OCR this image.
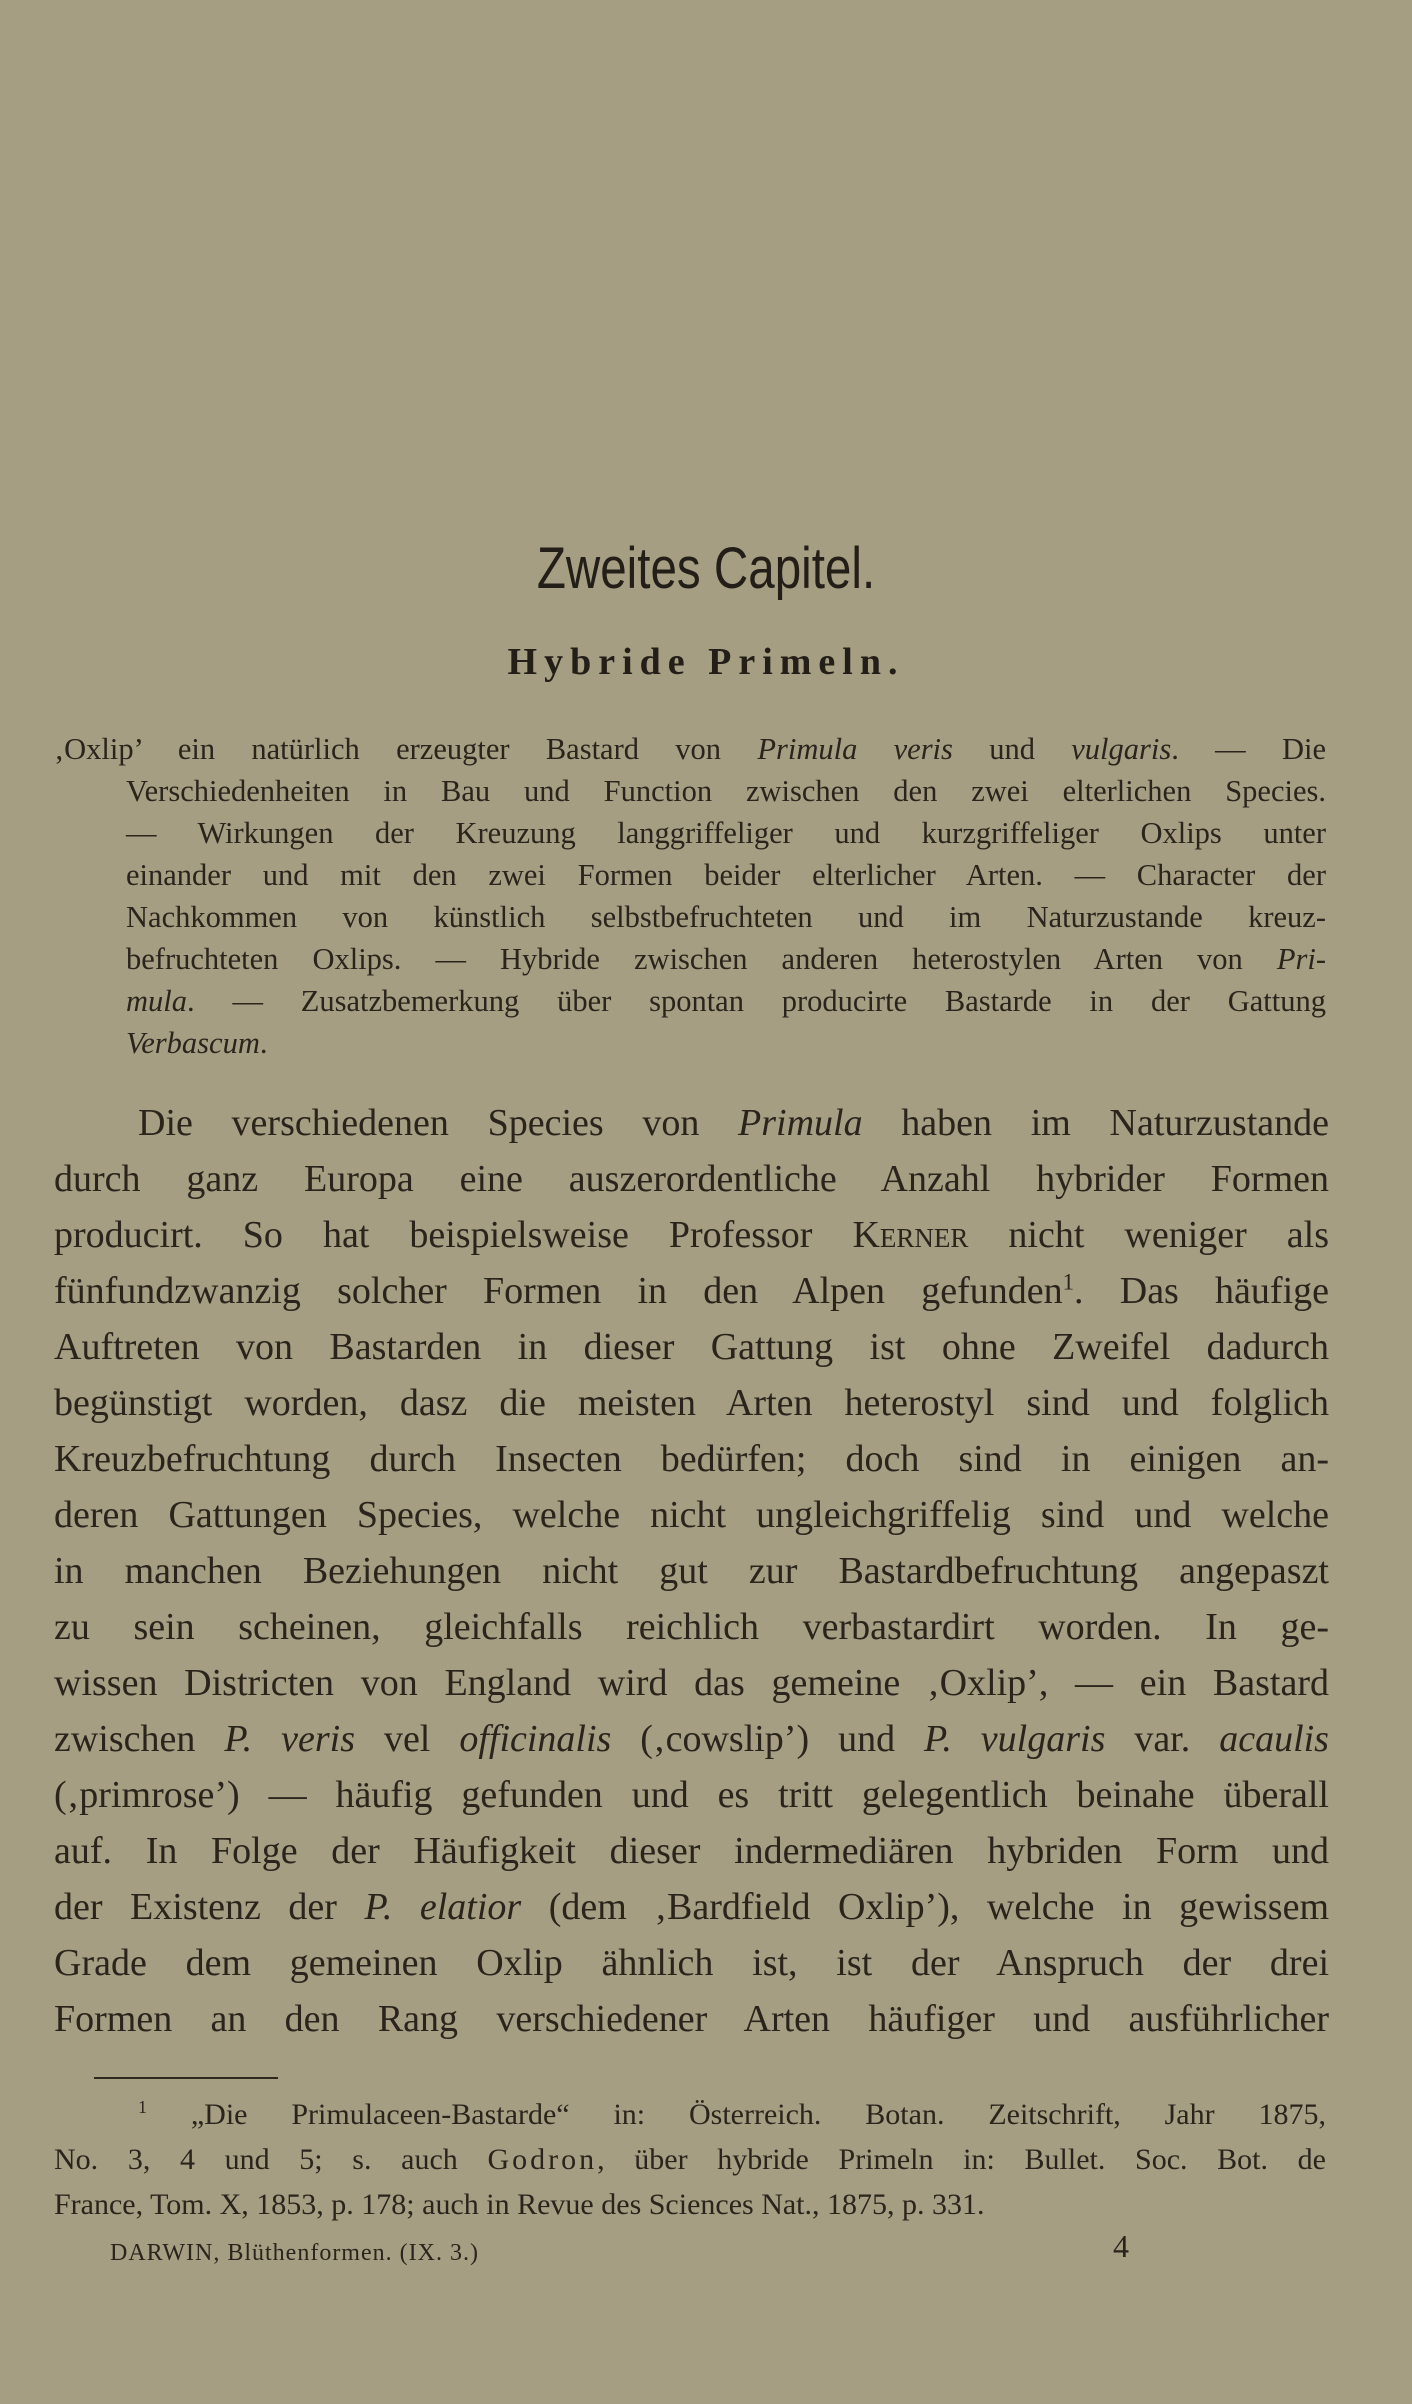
Zweites Capitel.
Hybride Primeln.
‚Oxlip’ ein natürlich erzeugter Bastard von Primula veris und vulgaris. — Die
Verschiedenheiten in Bau und Function zwischen den zwei elterlichen Species.
— Wirkungen der Kreuzung langgriffeliger und kurzgriffeliger Oxlips unter
einander und mit den zwei Formen beider elterlicher Arten. — Character der
Nachkommen von künstlich selbstbefruchteten und im Naturzustande kreuz-
befruchteten Oxlips. — Hybride zwischen anderen heterostylen Arten von Pri-
mula. — Zusatzbemerkung über spontan producirte Bastarde in der Gattung
Verbascum.
Die verschiedenen Species von Primula haben im Naturzustande
durch ganz Europa eine auszerordentliche Anzahl hybrider Formen
producirt. So hat beispielsweise Professor Kerner nicht weniger als
fünfundzwanzig solcher Formen in den Alpen gefunden$^1$. Das häufige
Auftreten von Bastarden in dieser Gattung ist ohne Zweifel dadurch
begünstigt worden, dasz die meisten Arten heterostyl sind und folglich
Kreuzbefruchtung durch Insecten bedürfen; doch sind in einigen an-
deren Gattungen Species, welche nicht ungleichgriffelig sind und welche
in manchen Beziehungen nicht gut zur Bastardbefruchtung angepaszt
zu sein scheinen, gleichfalls reichlich verbastardirt worden. In ge-
wissen Districten von England wird das gemeine ‚Oxlip’, — ein Bastard
zwischen P. veris vel officinalis (‚cowslip’) und P. vulgaris var. acaulis
(‚primrose’) — häufig gefunden und es tritt gelegentlich beinahe überall
auf. In Folge der Häufigkeit dieser indermediären hybriden Form und
der Existenz der P. elatior (dem ‚Bardfield Oxlip’), welche in gewissem
Grade dem gemeinen Oxlip ähnlich ist, ist der Anspruch der drei
Formen an den Rang verschiedener Arten häufiger und ausführlicher
$^1$ „Die Primulaceen-Bastarde“ in: Österreich. Botan. Zeitschrift, Jahr 1875,
No. 3, 4 und 5; s. auch Godron, über hybride Primeln in: Bullet. Soc. Bot. de
France, Tom. X, 1853, p. 178; auch in Revue des Sciences Nat., 1875, p. 331.
DARWIN, Blüthenformen. (IX. 3.)	4
